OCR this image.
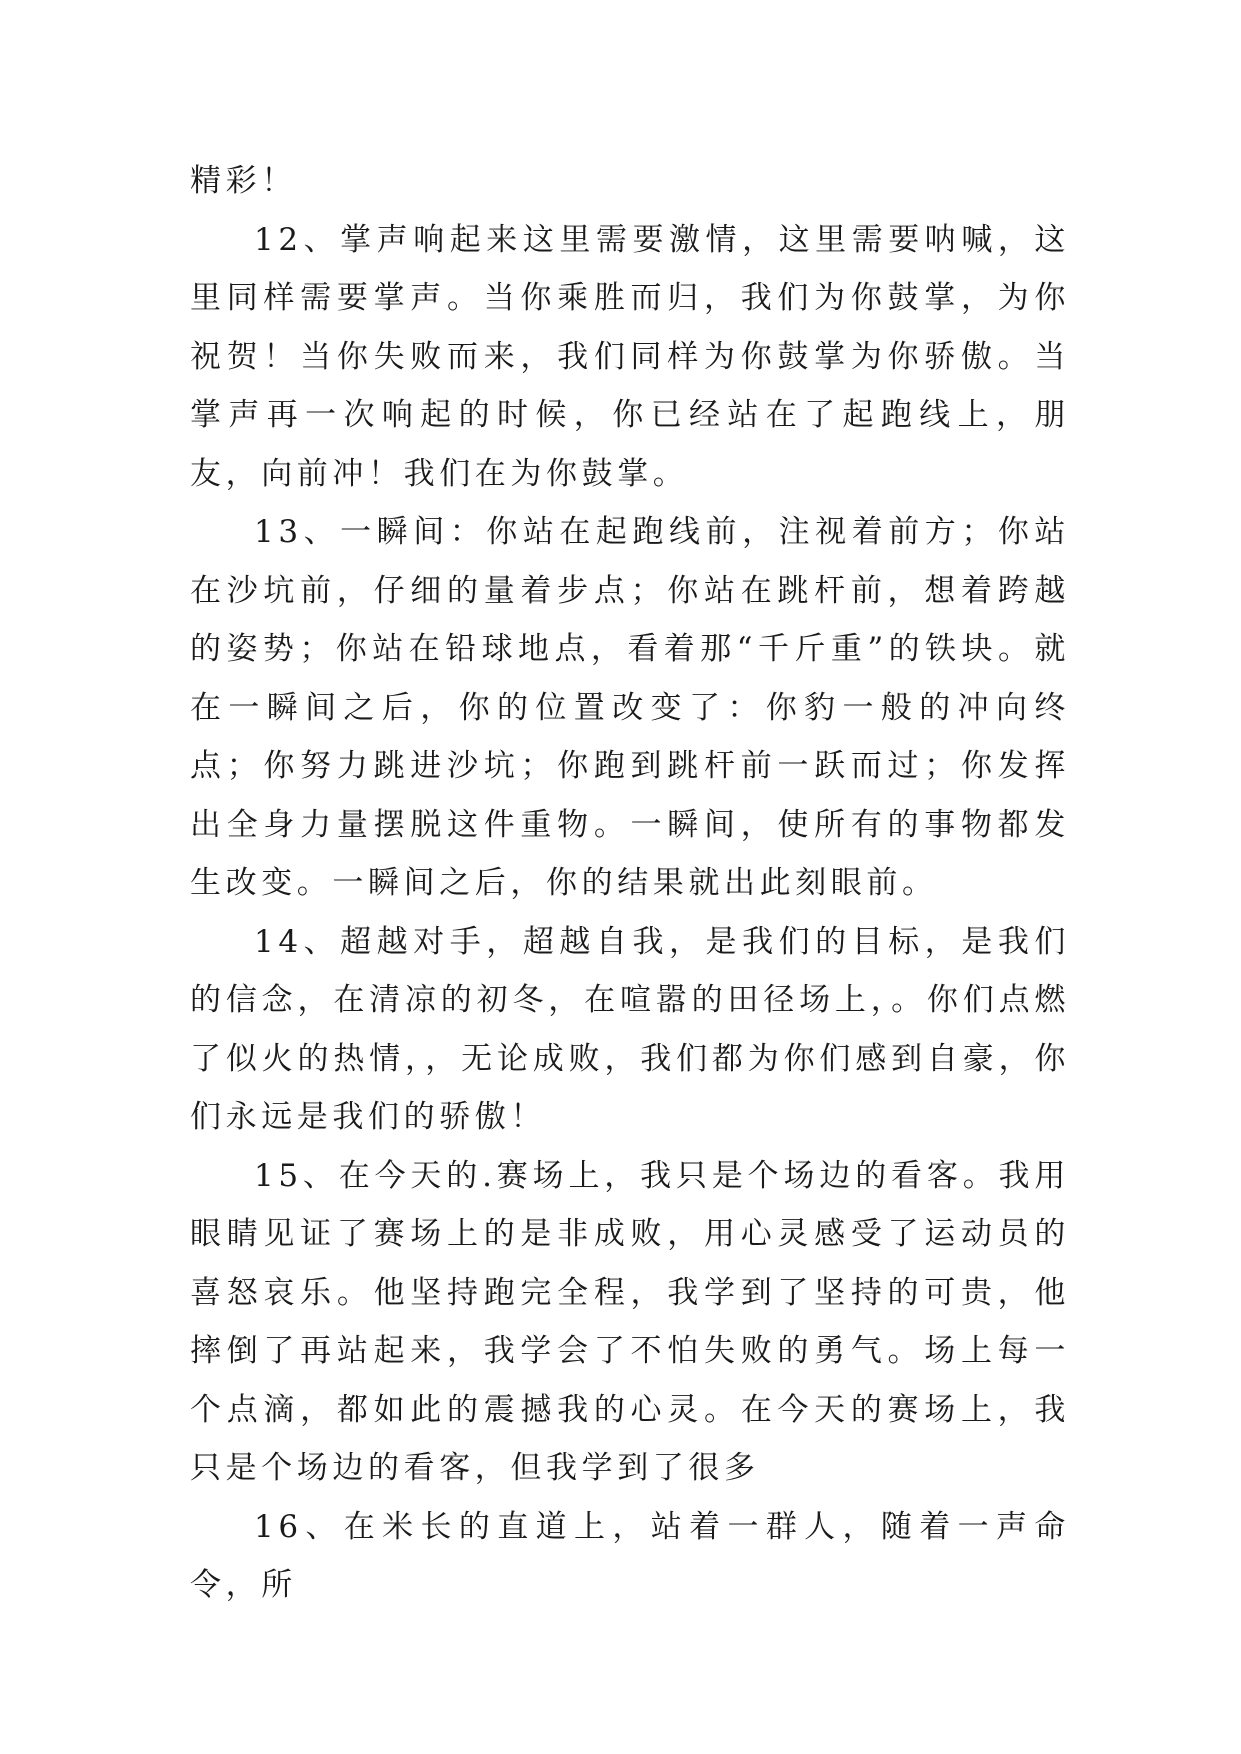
精彩！

12、掌声响起来这里需要激情，这里需要呐喊，这里同样需要掌声。当你乘胜而归，我们为你鼓掌，为你祝贺！当你失败而来，我们同样为你鼓掌为你骄傲。当掌声再一次响起的时候，你已经站在了起跑线上，朋友，向前冲！我们在为你鼓掌。

13、一瞬间：你站在起跑线前，注视着前方；你站在沙坑前，仔细的量着步点；你站在跳杆前，想着跨越的姿势；你站在铅球地点，看着那“千斤重”的铁块。就在一瞬间之后，你的位置改变了：你豹一般的冲向终点；你努力跳进沙坑；你跑到跳杆前一跃而过；你发挥出全身力量摆脱这件重物。一瞬间，使所有的事物都发生改变。一瞬间之后，你的结果就出此刻眼前。

14、超越对手，超越自我，是我们的目标，是我们的信念，在清凉的初冬，在喧嚣的田径场上，。你们点燃了似火的热情，，无论成败，我们都为你们感到自豪，你们永远是我们的骄傲！

15、在今天的.赛场上，我只是个场边的看客。我用眼睛见证了赛场上的是非成败，用心灵感受了运动员的喜怒哀乐。他坚持跑完全程，我学到了坚持的可贵，他摔倒了再站起来，我学会了不怕失败的勇气。场上每一个点滴，都如此的震撼我的心灵。在今天的赛场上，我只是个场边的看客，但我学到了很多

16、在米长的直道上，站着一群人，随着一声命令，所
